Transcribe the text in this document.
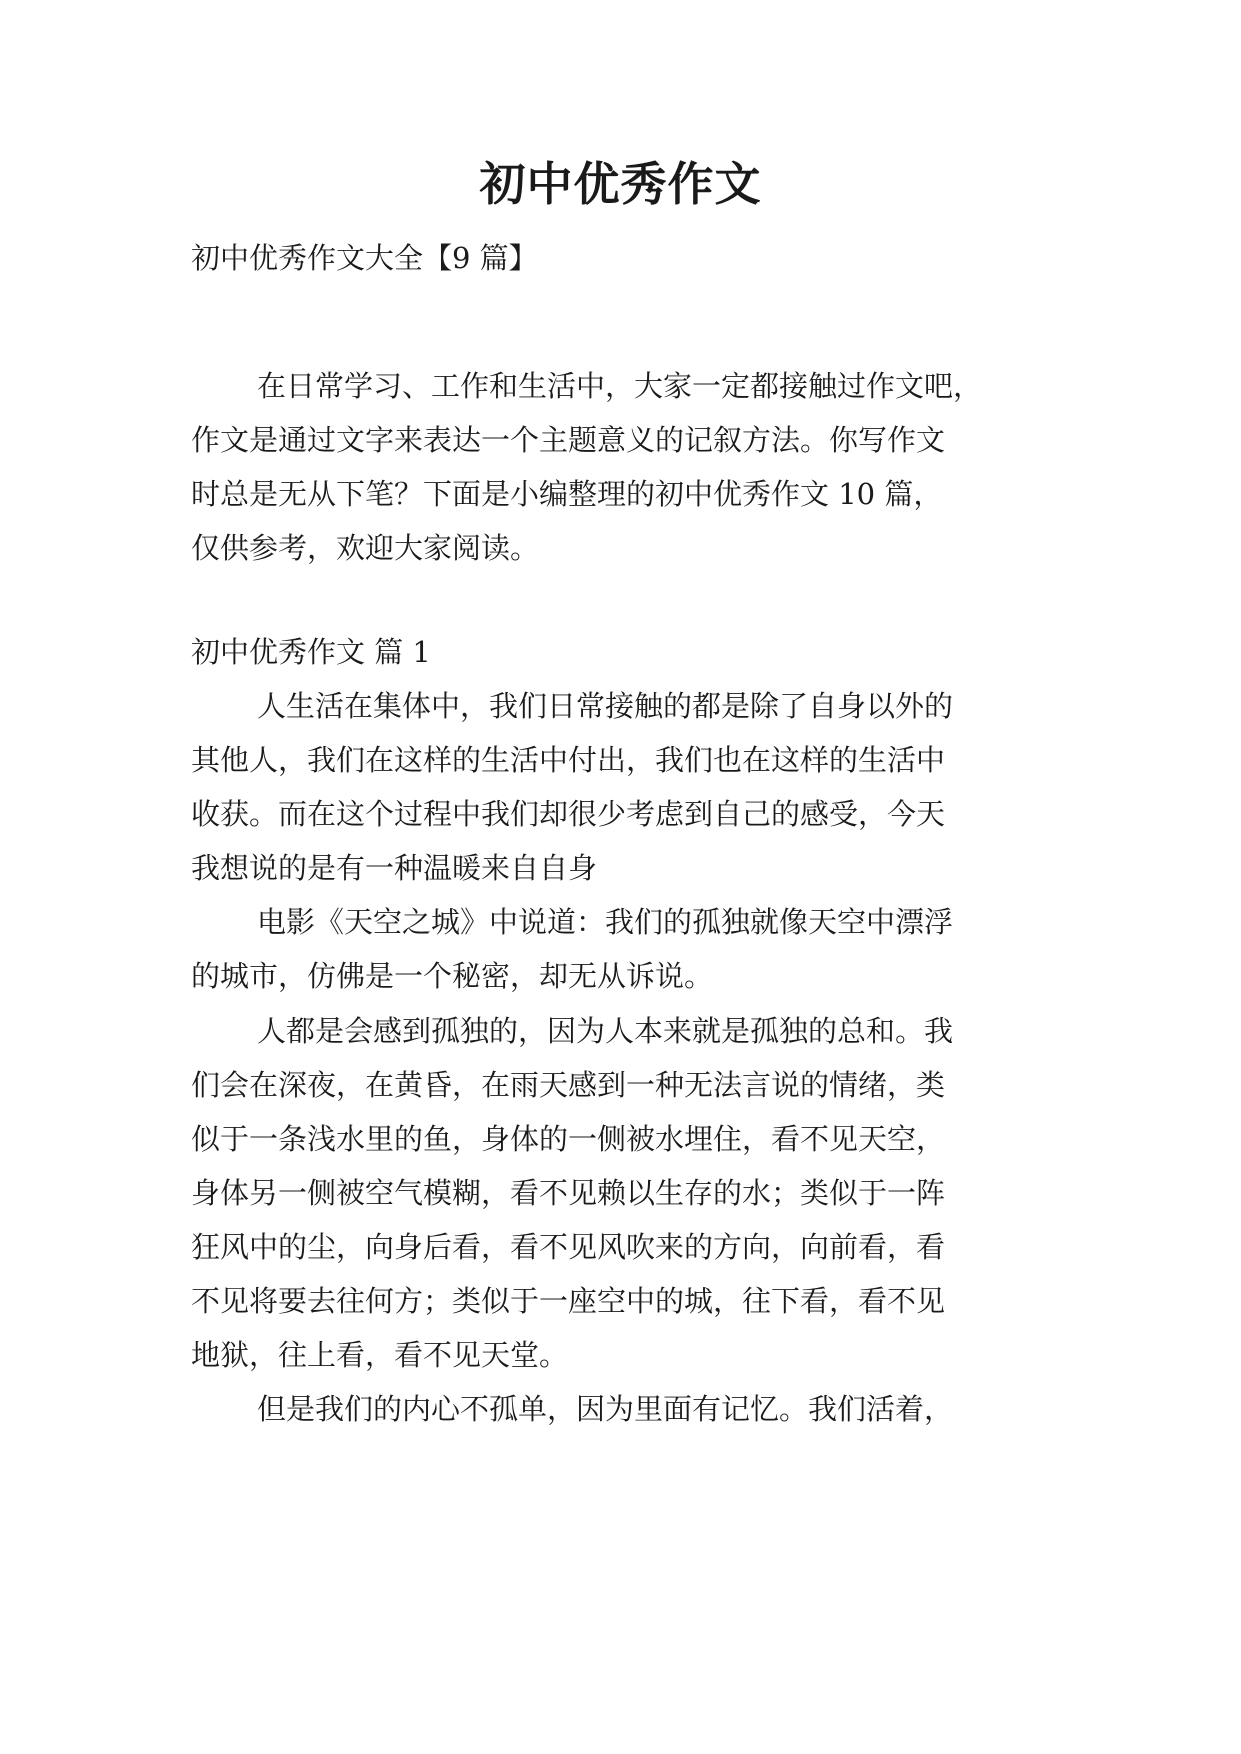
初中优秀作文
初中优秀作文大全【9 篇】
在日常学习、工作和生活中，大家一定都接触过作文吧，
作文是通过文字来表达一个主题意义的记叙方法。你写作文
时总是无从下笔？下面是小编整理的初中优秀作文 10 篇，
仅供参考，欢迎大家阅读。
初中优秀作文 篇 1
人生活在集体中，我们日常接触的都是除了自身以外的
其他人，我们在这样的生活中付出，我们也在这样的生活中
收获。而在这个过程中我们却很少考虑到自己的感受，今天
我想说的是有一种温暖来自自身
电影《天空之城》中说道：我们的孤独就像天空中漂浮
的城市，仿佛是一个秘密，却无从诉说。
人都是会感到孤独的，因为人本来就是孤独的总和。我
们会在深夜，在黄昏，在雨天感到一种无法言说的情绪，类
似于一条浅水里的鱼，身体的一侧被水埋住，看不见天空，
身体另一侧被空气模糊，看不见赖以生存的水；类似于一阵
狂风中的尘，向身后看，看不见风吹来的方向，向前看，看
不见将要去往何方；类似于一座空中的城，往下看，看不见
地狱，往上看，看不见天堂。
但是我们的内心不孤单，因为里面有记忆。我们活着，
